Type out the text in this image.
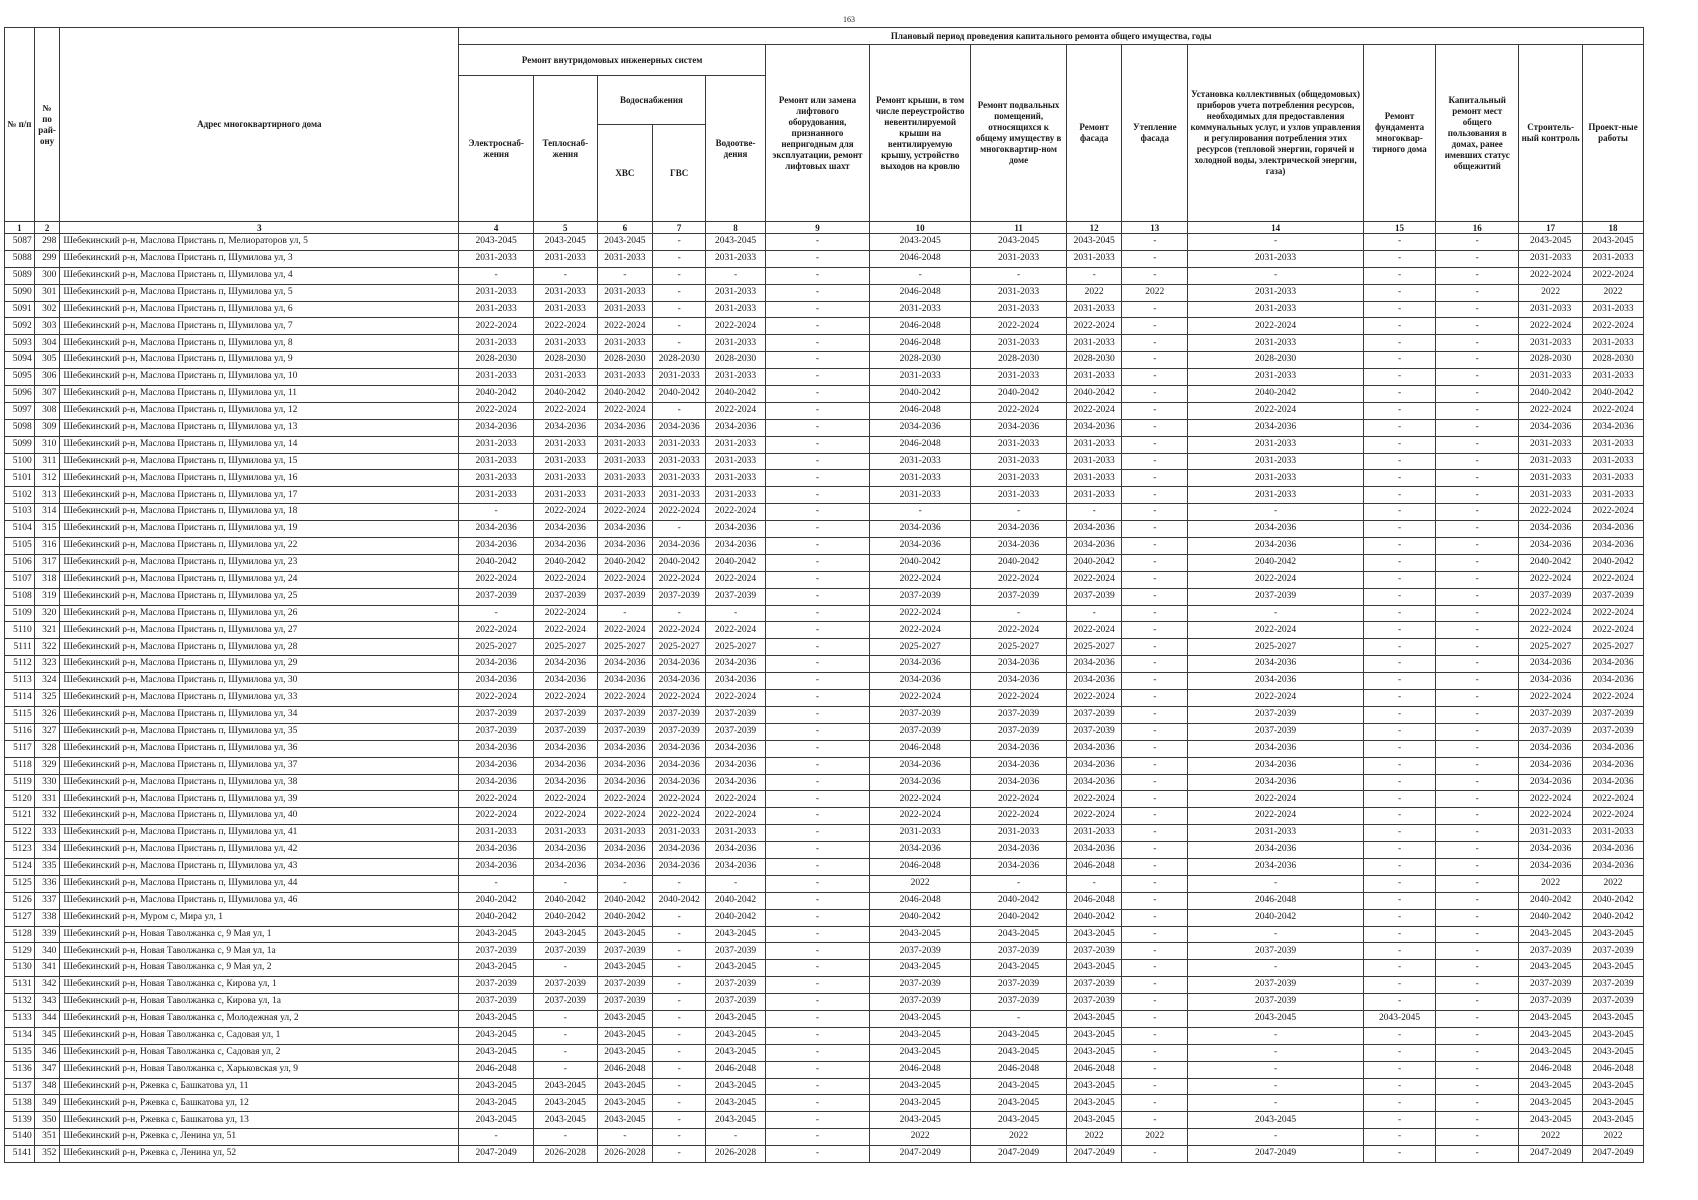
163
№ п/п	№ по рай-ону	Адрес многоквартирного дома	Плановый период проведения капитального ремонта общего имущества, годы														
			Ремонт внутридомовых инженерных систем					Ремонт или замена лифтового оборудования, признанного непригодным для эксплуатации, ремонт лифтовых шахт	Ремонт крыши, в том числе переустройство невентилируемой крыши на вентилируемую крышу, устройство выходов на кровлю	Ремонт подвальных помещений, относящихся к общему имуществу в многоквартир-ном доме	Ремонт фасада	Утепление фасада	Установка коллективных (общедомовых) приборов учета потребления ресурсов, необходимых для предоставления коммунальных услуг, и узлов управления и регулирования потребления этих ресурсов (тепловой энергии, горячей и холодной воды, электрической энергии, газа)	Ремонт фундамента многоквар-тирного дома	Капитальный ремонт мест общего пользования в домах, ранее имевших статус общежитий	Строитель-ный контроль	Проект-ные работы
			Электроснаб-жения	Теплоснаб-жения	Водоснабжения		Водоотве-дения										
					ХВС	ГВС											
1	2	3	4	5	6	7	8	9	10	11	12	13	14	15	16	17	18
5087	298	Шебекинский р-н, Маслова Пристань п, Мелиораторов ул, 5	2043-2045	2043-2045	2043-2045	-	2043-2045	-	2043-2045	2043-2045	2043-2045	-	-	-	-	2043-2045	2043-2045
5088	299	Шебекинский р-н, Маслова Пристань п, Шумилова ул, 3	2031-2033	2031-2033	2031-2033	-	2031-2033	-	2046-2048	2031-2033	2031-2033	-	2031-2033	-	-	2031-2033	2031-2033
5089	300	Шебекинский р-н, Маслова Пристань п, Шумилова ул, 4	-	-	-	-	-	-	-	-	-	-	-	-	-	2022-2024	2022-2024
5090	301	Шебекинский р-н, Маслова Пристань п, Шумилова ул, 5	2031-2033	2031-2033	2031-2033	-	2031-2033	-	2046-2048	2031-2033	2022	2022	2031-2033	-	-	2022	2022
5091	302	Шебекинский р-н, Маслова Пристань п, Шумилова ул, 6	2031-2033	2031-2033	2031-2033	-	2031-2033	-	2031-2033	2031-2033	2031-2033	-	2031-2033	-	-	2031-2033	2031-2033
5092	303	Шебекинский р-н, Маслова Пристань п, Шумилова ул, 7	2022-2024	2022-2024	2022-2024	-	2022-2024	-	2046-2048	2022-2024	2022-2024	-	2022-2024	-	-	2022-2024	2022-2024
5093	304	Шебекинский р-н, Маслова Пристань п, Шумилова ул, 8	2031-2033	2031-2033	2031-2033	-	2031-2033	-	2046-2048	2031-2033	2031-2033	-	2031-2033	-	-	2031-2033	2031-2033
5094	305	Шебекинский р-н, Маслова Пристань п, Шумилова ул, 9	2028-2030	2028-2030	2028-2030	2028-2030	2028-2030	-	2028-2030	2028-2030	2028-2030	-	2028-2030	-	-	2028-2030	2028-2030
5095	306	Шебекинский р-н, Маслова Пристань п, Шумилова ул, 10	2031-2033	2031-2033	2031-2033	2031-2033	2031-2033	-	2031-2033	2031-2033	2031-2033	-	2031-2033	-	-	2031-2033	2031-2033
5096	307	Шебекинский р-н, Маслова Пристань п, Шумилова ул, 11	2040-2042	2040-2042	2040-2042	2040-2042	2040-2042	-	2040-2042	2040-2042	2040-2042	-	2040-2042	-	-	2040-2042	2040-2042
5097	308	Шебекинский р-н, Маслова Пристань п, Шумилова ул, 12	2022-2024	2022-2024	2022-2024	-	2022-2024	-	2046-2048	2022-2024	2022-2024	-	2022-2024	-	-	2022-2024	2022-2024
5098	309	Шебекинский р-н, Маслова Пристань п, Шумилова ул, 13	2034-2036	2034-2036	2034-2036	2034-2036	2034-2036	-	2034-2036	2034-2036	2034-2036	-	2034-2036	-	-	2034-2036	2034-2036
5099	310	Шебекинский р-н, Маслова Пристань п, Шумилова ул, 14	2031-2033	2031-2033	2031-2033	2031-2033	2031-2033	-	2046-2048	2031-2033	2031-2033	-	2031-2033	-	-	2031-2033	2031-2033
5100	311	Шебекинский р-н, Маслова Пристань п, Шумилова ул, 15	2031-2033	2031-2033	2031-2033	2031-2033	2031-2033	-	2031-2033	2031-2033	2031-2033	-	2031-2033	-	-	2031-2033	2031-2033
5101	312	Шебекинский р-н, Маслова Пристань п, Шумилова ул, 16	2031-2033	2031-2033	2031-2033	2031-2033	2031-2033	-	2031-2033	2031-2033	2031-2033	-	2031-2033	-	-	2031-2033	2031-2033
5102	313	Шебекинский р-н, Маслова Пристань п, Шумилова ул, 17	2031-2033	2031-2033	2031-2033	2031-2033	2031-2033	-	2031-2033	2031-2033	2031-2033	-	2031-2033	-	-	2031-2033	2031-2033
5103	314	Шебекинский р-н, Маслова Пристань п, Шумилова ул, 18	-	2022-2024	2022-2024	2022-2024	2022-2024	-	-	-	-	-	-	-	-	2022-2024	2022-2024
5104	315	Шебекинский р-н, Маслова Пристань п, Шумилова ул, 19	2034-2036	2034-2036	2034-2036	-	2034-2036	-	2034-2036	2034-2036	2034-2036	-	2034-2036	-	-	2034-2036	2034-2036
5105	316	Шебекинский р-н, Маслова Пристань п, Шумилова ул, 22	2034-2036	2034-2036	2034-2036	2034-2036	2034-2036	-	2034-2036	2034-2036	2034-2036	-	2034-2036	-	-	2034-2036	2034-2036
5106	317	Шебекинский р-н, Маслова Пристань п, Шумилова ул, 23	2040-2042	2040-2042	2040-2042	2040-2042	2040-2042	-	2040-2042	2040-2042	2040-2042	-	2040-2042	-	-	2040-2042	2040-2042
5107	318	Шебекинский р-н, Маслова Пристань п, Шумилова ул, 24	2022-2024	2022-2024	2022-2024	2022-2024	2022-2024	-	2022-2024	2022-2024	2022-2024	-	2022-2024	-	-	2022-2024	2022-2024
5108	319	Шебекинский р-н, Маслова Пристань п, Шумилова ул, 25	2037-2039	2037-2039	2037-2039	2037-2039	2037-2039	-	2037-2039	2037-2039	2037-2039	-	2037-2039	-	-	2037-2039	2037-2039
5109	320	Шебекинский р-н, Маслова Пристань п, Шумилова ул, 26	-	2022-2024	-	-	-	-	2022-2024	-	-	-	-	-	-	2022-2024	2022-2024
5110	321	Шебекинский р-н, Маслова Пристань п, Шумилова ул, 27	2022-2024	2022-2024	2022-2024	2022-2024	2022-2024	-	2022-2024	2022-2024	2022-2024	-	2022-2024	-	-	2022-2024	2022-2024
5111	322	Шебекинский р-н, Маслова Пристань п, Шумилова ул, 28	2025-2027	2025-2027	2025-2027	2025-2027	2025-2027	-	2025-2027	2025-2027	2025-2027	-	2025-2027	-	-	2025-2027	2025-2027
5112	323	Шебекинский р-н, Маслова Пристань п, Шумилова ул, 29	2034-2036	2034-2036	2034-2036	2034-2036	2034-2036	-	2034-2036	2034-2036	2034-2036	-	2034-2036	-	-	2034-2036	2034-2036
5113	324	Шебекинский р-н, Маслова Пристань п, Шумилова ул, 30	2034-2036	2034-2036	2034-2036	2034-2036	2034-2036	-	2034-2036	2034-2036	2034-2036	-	2034-2036	-	-	2034-2036	2034-2036
5114	325	Шебекинский р-н, Маслова Пристань п, Шумилова ул, 33	2022-2024	2022-2024	2022-2024	2022-2024	2022-2024	-	2022-2024	2022-2024	2022-2024	-	2022-2024	-	-	2022-2024	2022-2024
5115	326	Шебекинский р-н, Маслова Пристань п, Шумилова ул, 34	2037-2039	2037-2039	2037-2039	2037-2039	2037-2039	-	2037-2039	2037-2039	2037-2039	-	2037-2039	-	-	2037-2039	2037-2039
5116	327	Шебекинский р-н, Маслова Пристань п, Шумилова ул, 35	2037-2039	2037-2039	2037-2039	2037-2039	2037-2039	-	2037-2039	2037-2039	2037-2039	-	2037-2039	-	-	2037-2039	2037-2039
5117	328	Шебекинский р-н, Маслова Пристань п, Шумилова ул, 36	2034-2036	2034-2036	2034-2036	2034-2036	2034-2036	-	2046-2048	2034-2036	2034-2036	-	2034-2036	-	-	2034-2036	2034-2036
5118	329	Шебекинский р-н, Маслова Пристань п, Шумилова ул, 37	2034-2036	2034-2036	2034-2036	2034-2036	2034-2036	-	2034-2036	2034-2036	2034-2036	-	2034-2036	-	-	2034-2036	2034-2036
5119	330	Шебекинский р-н, Маслова Пристань п, Шумилова ул, 38	2034-2036	2034-2036	2034-2036	2034-2036	2034-2036	-	2034-2036	2034-2036	2034-2036	-	2034-2036	-	-	2034-2036	2034-2036
5120	331	Шебекинский р-н, Маслова Пристань п, Шумилова ул, 39	2022-2024	2022-2024	2022-2024	2022-2024	2022-2024	-	2022-2024	2022-2024	2022-2024	-	2022-2024	-	-	2022-2024	2022-2024
5121	332	Шебекинский р-н, Маслова Пристань п, Шумилова ул, 40	2022-2024	2022-2024	2022-2024	2022-2024	2022-2024	-	2022-2024	2022-2024	2022-2024	-	2022-2024	-	-	2022-2024	2022-2024
5122	333	Шебекинский р-н, Маслова Пристань п, Шумилова ул, 41	2031-2033	2031-2033	2031-2033	2031-2033	2031-2033	-	2031-2033	2031-2033	2031-2033	-	2031-2033	-	-	2031-2033	2031-2033
5123	334	Шебекинский р-н, Маслова Пристань п, Шумилова ул, 42	2034-2036	2034-2036	2034-2036	2034-2036	2034-2036	-	2034-2036	2034-2036	2034-2036	-	2034-2036	-	-	2034-2036	2034-2036
5124	335	Шебекинский р-н, Маслова Пристань п, Шумилова ул, 43	2034-2036	2034-2036	2034-2036	2034-2036	2034-2036	-	2046-2048	2034-2036	2046-2048	-	2034-2036	-	-	2034-2036	2034-2036
5125	336	Шебекинский р-н, Маслова Пристань п, Шумилова ул, 44	-	-	-	-	-	-	2022	-	-	-	-	-	-	2022	2022
5126	337	Шебекинский р-н, Маслова Пристань п, Шумилова ул, 46	2040-2042	2040-2042	2040-2042	2040-2042	2040-2042	-	2046-2048	2040-2042	2046-2048	-	2046-2048	-	-	2040-2042	2040-2042
5127	338	Шебекинский р-н, Муром с, Мира ул, 1	2040-2042	2040-2042	2040-2042	-	2040-2042	-	2040-2042	2040-2042	2040-2042	-	2040-2042	-	-	2040-2042	2040-2042
5128	339	Шебекинский р-н, Новая Таволжанка с, 9 Мая ул, 1	2043-2045	2043-2045	2043-2045	-	2043-2045	-	2043-2045	2043-2045	2043-2045	-	-	-	-	2043-2045	2043-2045
5129	340	Шебекинский р-н, Новая Таволжанка с, 9 Мая ул, 1а	2037-2039	2037-2039	2037-2039	-	2037-2039	-	2037-2039	2037-2039	2037-2039	-	2037-2039	-	-	2037-2039	2037-2039
5130	341	Шебекинский р-н, Новая Таволжанка с, 9 Мая ул, 2	2043-2045	-	2043-2045	-	2043-2045	-	2043-2045	2043-2045	2043-2045	-	-	-	-	2043-2045	2043-2045
5131	342	Шебекинский р-н, Новая Таволжанка с, Кирова ул, 1	2037-2039	2037-2039	2037-2039	-	2037-2039	-	2037-2039	2037-2039	2037-2039	-	2037-2039	-	-	2037-2039	2037-2039
5132	343	Шебекинский р-н, Новая Таволжанка с, Кирова ул, 1а	2037-2039	2037-2039	2037-2039	-	2037-2039	-	2037-2039	2037-2039	2037-2039	-	2037-2039	-	-	2037-2039	2037-2039
5133	344	Шебекинский р-н, Новая Таволжанка с, Молодежная ул, 2	2043-2045	-	2043-2045	-	2043-2045	-	2043-2045	-	2043-2045	-	2043-2045	2043-2045	-	2043-2045	2043-2045
5134	345	Шебекинский р-н, Новая Таволжанка с, Садовая ул, 1	2043-2045	-	2043-2045	-	2043-2045	-	2043-2045	2043-2045	2043-2045	-	-	-	-	2043-2045	2043-2045
5135	346	Шебекинский р-н, Новая Таволжанка с, Садовая ул, 2	2043-2045	-	2043-2045	-	2043-2045	-	2043-2045	2043-2045	2043-2045	-	-	-	-	2043-2045	2043-2045
5136	347	Шебекинский р-н, Новая Таволжанка с, Харьковская ул, 9	2046-2048	-	2046-2048	-	2046-2048	-	2046-2048	2046-2048	2046-2048	-	-	-	-	2046-2048	2046-2048
5137	348	Шебекинский р-н, Ржевка с, Башкатова ул, 11	2043-2045	2043-2045	2043-2045	-	2043-2045	-	2043-2045	2043-2045	2043-2045	-	-	-	-	2043-2045	2043-2045
5138	349	Шебекинский р-н, Ржевка с, Башкатова ул, 12	2043-2045	2043-2045	2043-2045	-	2043-2045	-	2043-2045	2043-2045	2043-2045	-	-	-	-	2043-2045	2043-2045
5139	350	Шебекинский р-н, Ржевка с, Башкатова ул, 13	2043-2045	2043-2045	2043-2045	-	2043-2045	-	2043-2045	2043-2045	2043-2045	-	2043-2045	-	-	2043-2045	2043-2045
5140	351	Шебекинский р-н, Ржевка с, Ленина ул, 51	-	-	-	-	-	-	2022	2022	2022	2022	-	-	-	2022	2022
5141	352	Шебекинский р-н, Ржевка с, Ленина ул, 52	2047-2049	2026-2028	2026-2028	-	2026-2028	-	2047-2049	2047-2049	2047-2049	-	2047-2049	-	-	2047-2049	2047-2049
